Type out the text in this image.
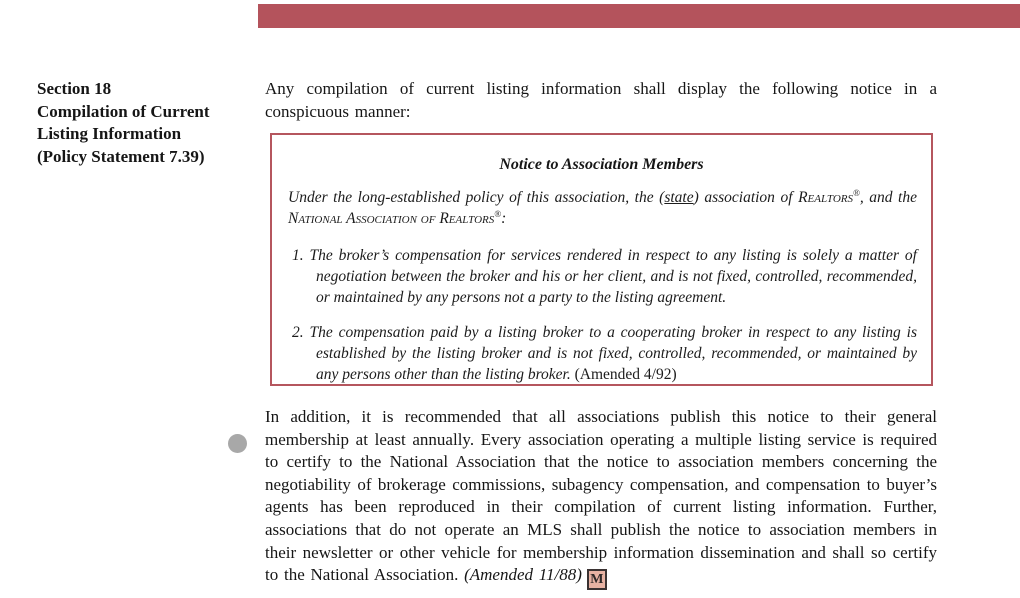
Section 18
Compilation of Current
Listing Information
(Policy Statement 7.39)
Any compilation of current listing information shall display the following notice in a conspicuous manner:
Notice to Association Members
Under the long-established policy of this association, the (state) association of Realtors®, and the National Association of Realtors®:
1. The broker’s compensation for services rendered in respect to any listing is solely a matter of negotiation between the broker and his or her client, and is not fixed, controlled, recommended, or maintained by any persons not a party to the listing agreement.
2. The compensation paid by a listing broker to a cooperating broker in respect to any listing is established by the listing broker and is not fixed, controlled, recommended, or maintained by any persons other than the listing broker. (Amended 4/92)
In addition, it is recommended that all associations publish this notice to their general membership at least annually. Every association operating a multiple listing service is required to certify to the National Association that the notice to association members concerning the negotiability of brokerage commissions, subagency compensation, and compensation to buyer’s agents has been reproduced in their compilation of current listing information. Further, associations that do not operate an MLS shall publish the notice to association members in their newsletter or other vehicle for membership information dissemination and shall so certify to the National Association. (Amended 11/88) M
